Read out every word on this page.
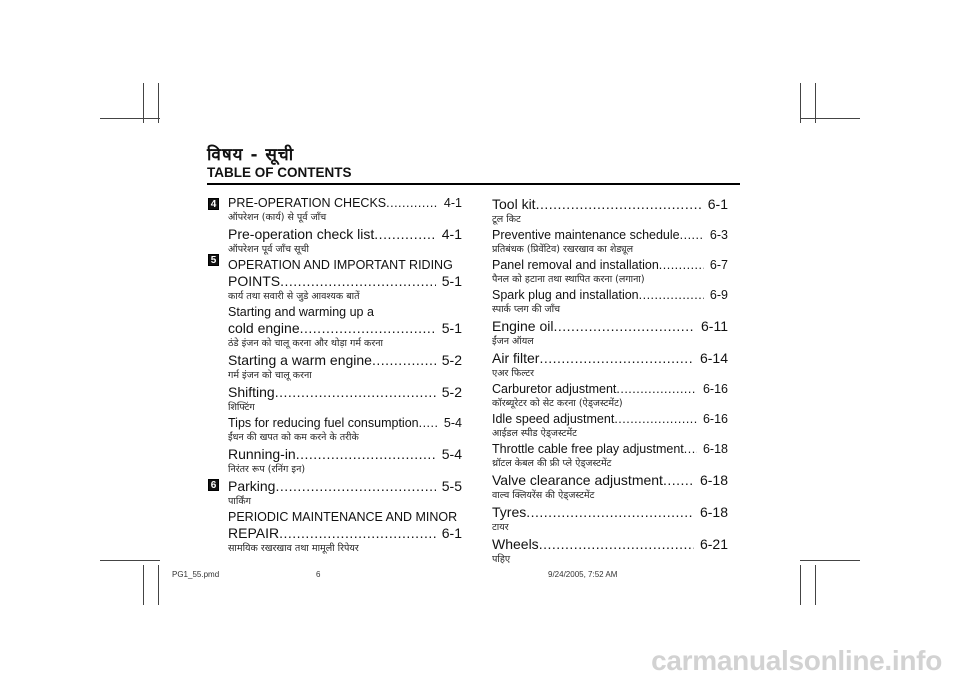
विषय - सूची
TABLE OF CONTENTS
4 PRE-OPERATION CHECKS .....	4-1
ऑपरेशन (कार्य) से पूर्व जाँच
Pre-operation check list .....	4-1
ऑपरेशन पूर्व जाँच सूची
OPERATION AND IMPORTANT RIDING
POINTS .....	5-1
कार्य तथा सवारी से जुडे आवश्यक बातें
Starting and warming up a
cold engine .....	5-1
ठंडे इंजन को चालू करना और थोड़ा गर्म करना
Starting a warm engine .....	5-2
गर्म इंजन को चालू करना
Shifting .....	5-2
शिफ्टिंग
Tips for reducing fuel consumption ..... 5-4
ईंधन की खपत को कम करने के तरीके
Running-in .....	5-4
निरंतर रूप (रनिंग इन)
Parking .....	5-5
पार्किंग
PERIODIC MAINTENANCE AND MINOR
REPAIR .....	6-1
सामयिक रखरखाव तथा मामूली रिपेयर
5
6
Tool kit .....	6-1
टूल किट
Preventive maintenance schedule ..... 6-3
प्रतिबंधक (प्रिवेंटिव) रखरखाव का शेड्यूल
Panel removal and installation .....	6-7
पैनल को हटाना तथा स्थापित करना (लगाना)
Spark plug and installation .....	6-9
स्पार्क प्लग की जाँच
Engine oil .....	6-11
ईंजन ऑयल
Air filter .....	6-14
एअर फिल्टर
Carburetor adjustment .....	6-16
कॉरब्यूरेटर को सेट करना (ऐड्जस्टमेंट)
Idle speed adjustment .....	6-16
आईडल स्पीड ऐड्जस्टमेंट
Throttle cable free play adjustment ..... 6-18
थ्रॉटल केबल की फ्री प्ले ऐड्जस्टमेंट
Valve clearance adjustment .....	6-18
वाल्व क्लियरेंस की ऐड्जस्टमेंट
Tyres .....	6-18
टायर
Wheels .....	6-21
पहिए
PG1_55.pmd	6	9/24/2005, 7:52 AM
carmanualsonline.info
